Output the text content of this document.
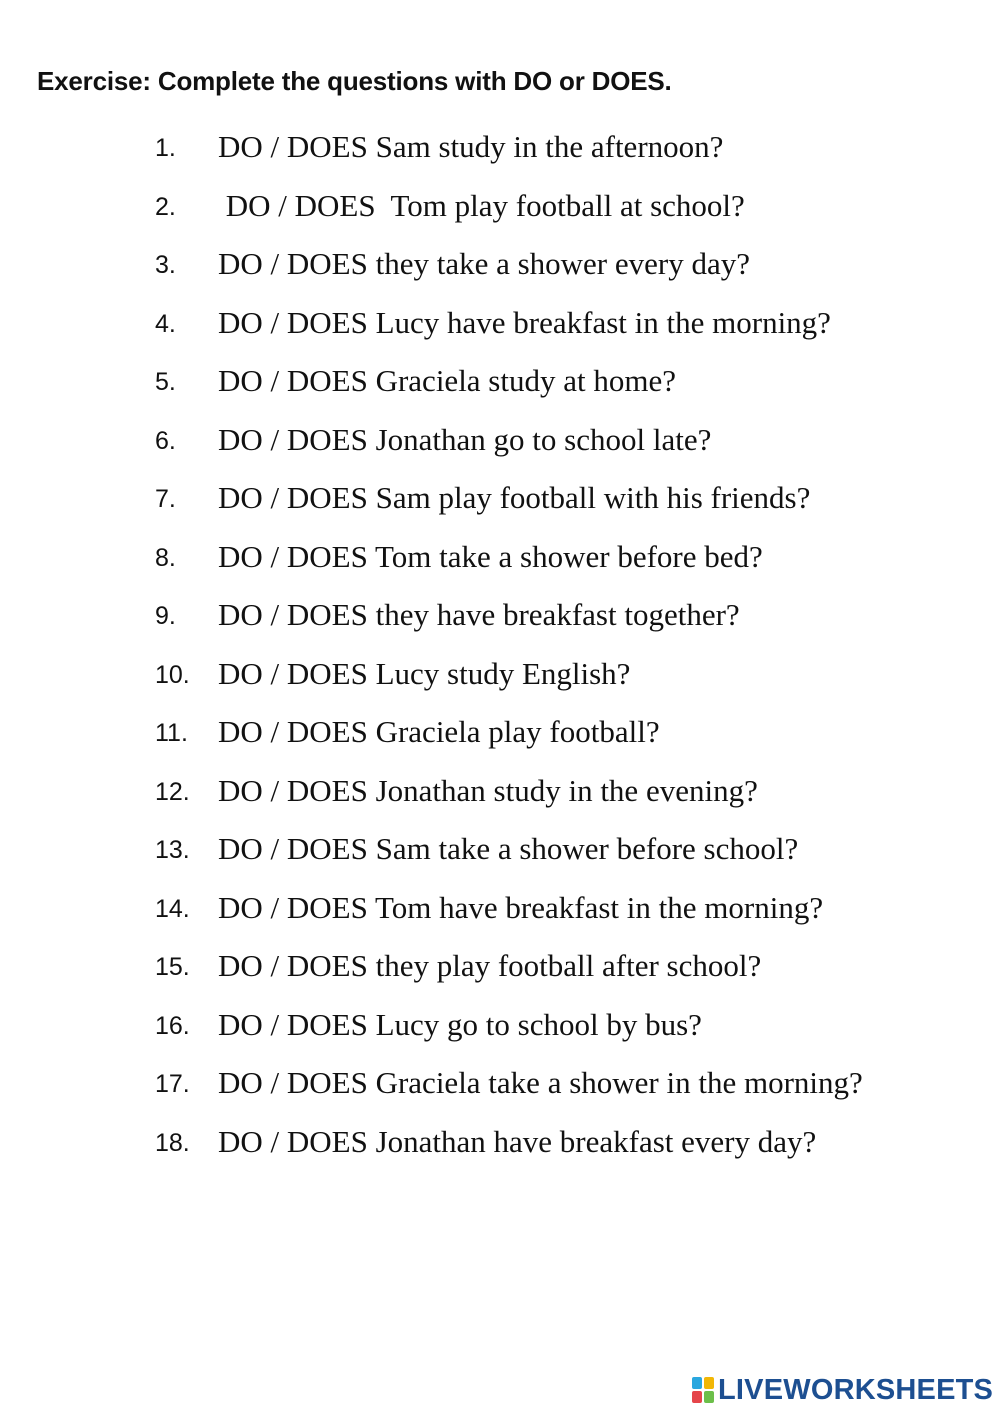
Exercise: Complete the questions with DO or DOES.
1. DO / DOES Sam study in the afternoon?
2. DO / DOES  Tom play football at school?
3. DO / DOES they take a shower every day?
4. DO / DOES Lucy have breakfast in the morning?
5. DO / DOES Graciela study at home?
6. DO / DOES Jonathan go to school late?
7. DO / DOES Sam play football with his friends?
8. DO / DOES Tom take a shower before bed?
9. DO / DOES they have breakfast together?
10. DO / DOES Lucy study English?
11. DO / DOES Graciela play football?
12. DO / DOES Jonathan study in the evening?
13. DO / DOES Sam take a shower before school?
14. DO / DOES Tom have breakfast in the morning?
15. DO / DOES they play football after school?
16. DO / DOES Lucy go to school by bus?
17. DO / DOES Graciela take a shower in the morning?
18. DO / DOES Jonathan have breakfast every day?
LIVEWORKSHEETS
